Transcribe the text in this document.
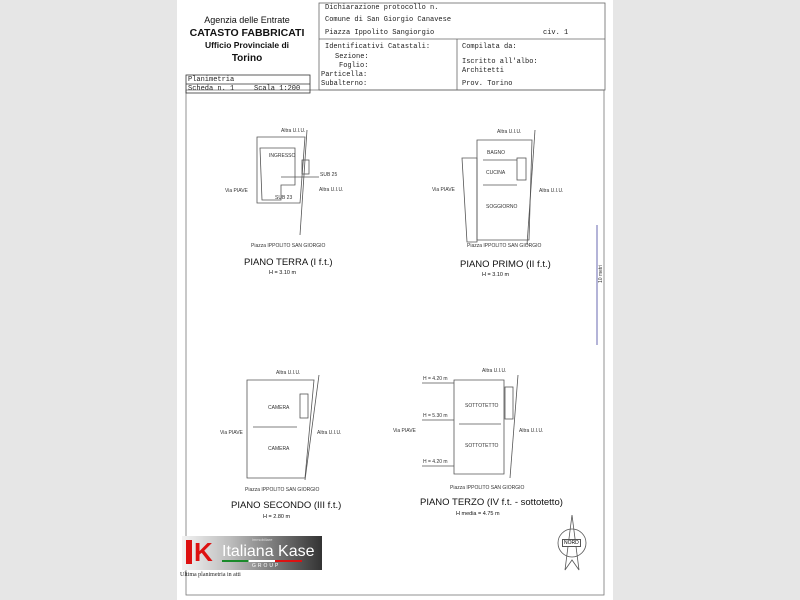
Agenzia delle Entrate
CATASTO FABBRICATI
Ufficio Provinciale di
Torino
Planimetria
Scheda n. 1	Scala 1:200
Dichiarazione protocollo n.
Comune di San Giorgio Canavese
Piazza Ippolito Sangiorgio	civ. 1
Identificativi Catastali:
Sezione:
Foglio:
Particella:
Subalterno:
Compilata da:
Iscritto all'albo:
Architetti
Prov. Torino
10 metri
Altra U.I.U.
Via PIAVE	Altra U.I.U.
Piazza IPPOLITO SAN GIORGIO
INGRESSO
SUB 23
SUB 25
PIANO TERRA (I f.t.)
H = 3.10 m
Altra U.I.U.
Via PIAVE	Altra U.I.U.
Piazza IPPOLITO SAN GIORGIO
BAGNO
CUCINA
SOGGIORNO
PIANO PRIMO (II f.t.)
H = 3.10 m
Altra U.I.U.
Via PIAVE	Altra U.I.U.
Piazza IPPOLITO SAN GIORGIO
CAMERA
CAMERA
PIANO SECONDO (III f.t.)
H = 2.80 m
Altra U.I.U.
Via PIAVE	Altra U.I.U.
Piazza IPPOLITO SAN GIORGIO
SOTTOTETTO
SOTTOTETTO
H = 4.20 m
H = 5.30 m
H = 4.20 m
PIANO TERZO (IV f.t. - sottotetto)
H media = 4.75 m
NORD
K	immobiliare
Italiana Kase
GROUP
Ultima planimetria in atti
